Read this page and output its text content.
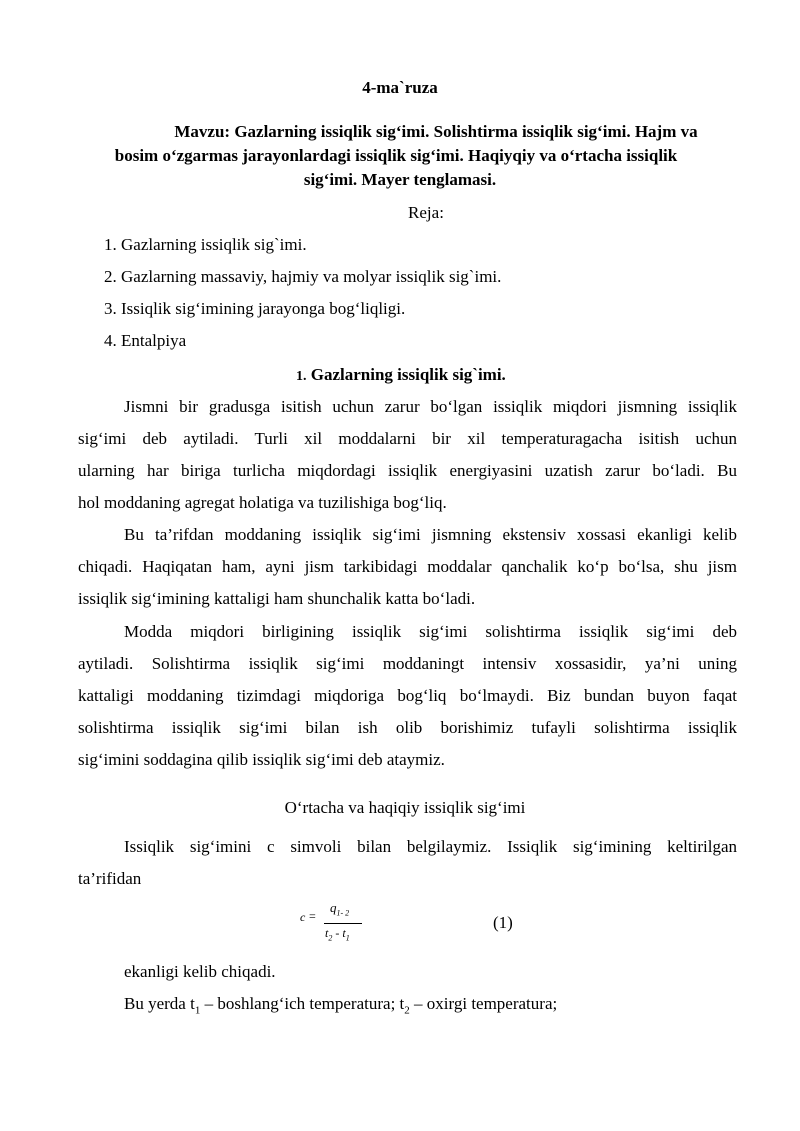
4-ma`ruza
Mavzu: Gazlarning issiqlik sig‘imi. Solishtirma issiqlik sig‘imi. Hajm va
bosim o‘zgarmas jarayonlardagi issiqlik sig‘imi. Haqiyqiy va o‘rtacha issiqlik
sig‘imi. Mayer tenglamasi.
Reja:
1. Gazlarning issiqlik sig`imi.
2. Gazlarning massaviy, hajmiy va molyar issiqlik sig`imi.
3. Issiqlik sig‘imining jarayonga bog‘liqligi.
4. Entalpiya
1. Gazlarning issiqlik sig`imi.
Jismni bir gradusga isitish uchun zarur bo‘lgan issiqlik miqdori jismning issiqlik
sig‘imi deb aytiladi. Turli xil moddalarni bir xil temperaturagacha isitish uchun
ularning har biriga turlicha miqdordagi issiqlik energiyasini uzatish zarur bo‘ladi. Bu
hol moddaning agregat holatiga va tuzilishiga bog‘liq.
Bu ta’rifdan moddaning issiqlik sig‘imi jismning ekstensiv xossasi ekanligi kelib
chiqadi. Haqiqatan ham, ayni jism tarkibidagi moddalar qanchalik ko‘p bo‘lsa, shu jism
issiqlik sig‘imining kattaligi ham shunchalik katta bo‘ladi.
Modda miqdori birligining issiqlik sig‘imi solishtirma issiqlik sig‘imi deb
aytiladi. Solishtirma issiqlik sig‘imi moddaningt intensiv xossasidir, ya’ni uning
kattaligi moddaning tizimdagi miqdoriga bog‘liq bo‘lmaydi. Biz bundan buyon faqat
solishtirma issiqlik sig‘imi bilan ish olib borishimiz tufayli solishtirma issiqlik
sig‘imini soddagina qilib issiqlik sig‘imi deb ataymiz.
O‘rtacha va haqiqiy issiqlik sig‘imi
Issiqlik sig‘imini c simvoli bilan belgilaymiz. Issiqlik sig‘imining keltirilgan
ta’rifidan
c =
$q_{1- 2}$
$t_2 - t_1$
(1)
ekanligi kelib chiqadi.
Bu yerda $t_1$ – boshlang‘ich temperatura; $t_2$ – oxirgi temperatura;
